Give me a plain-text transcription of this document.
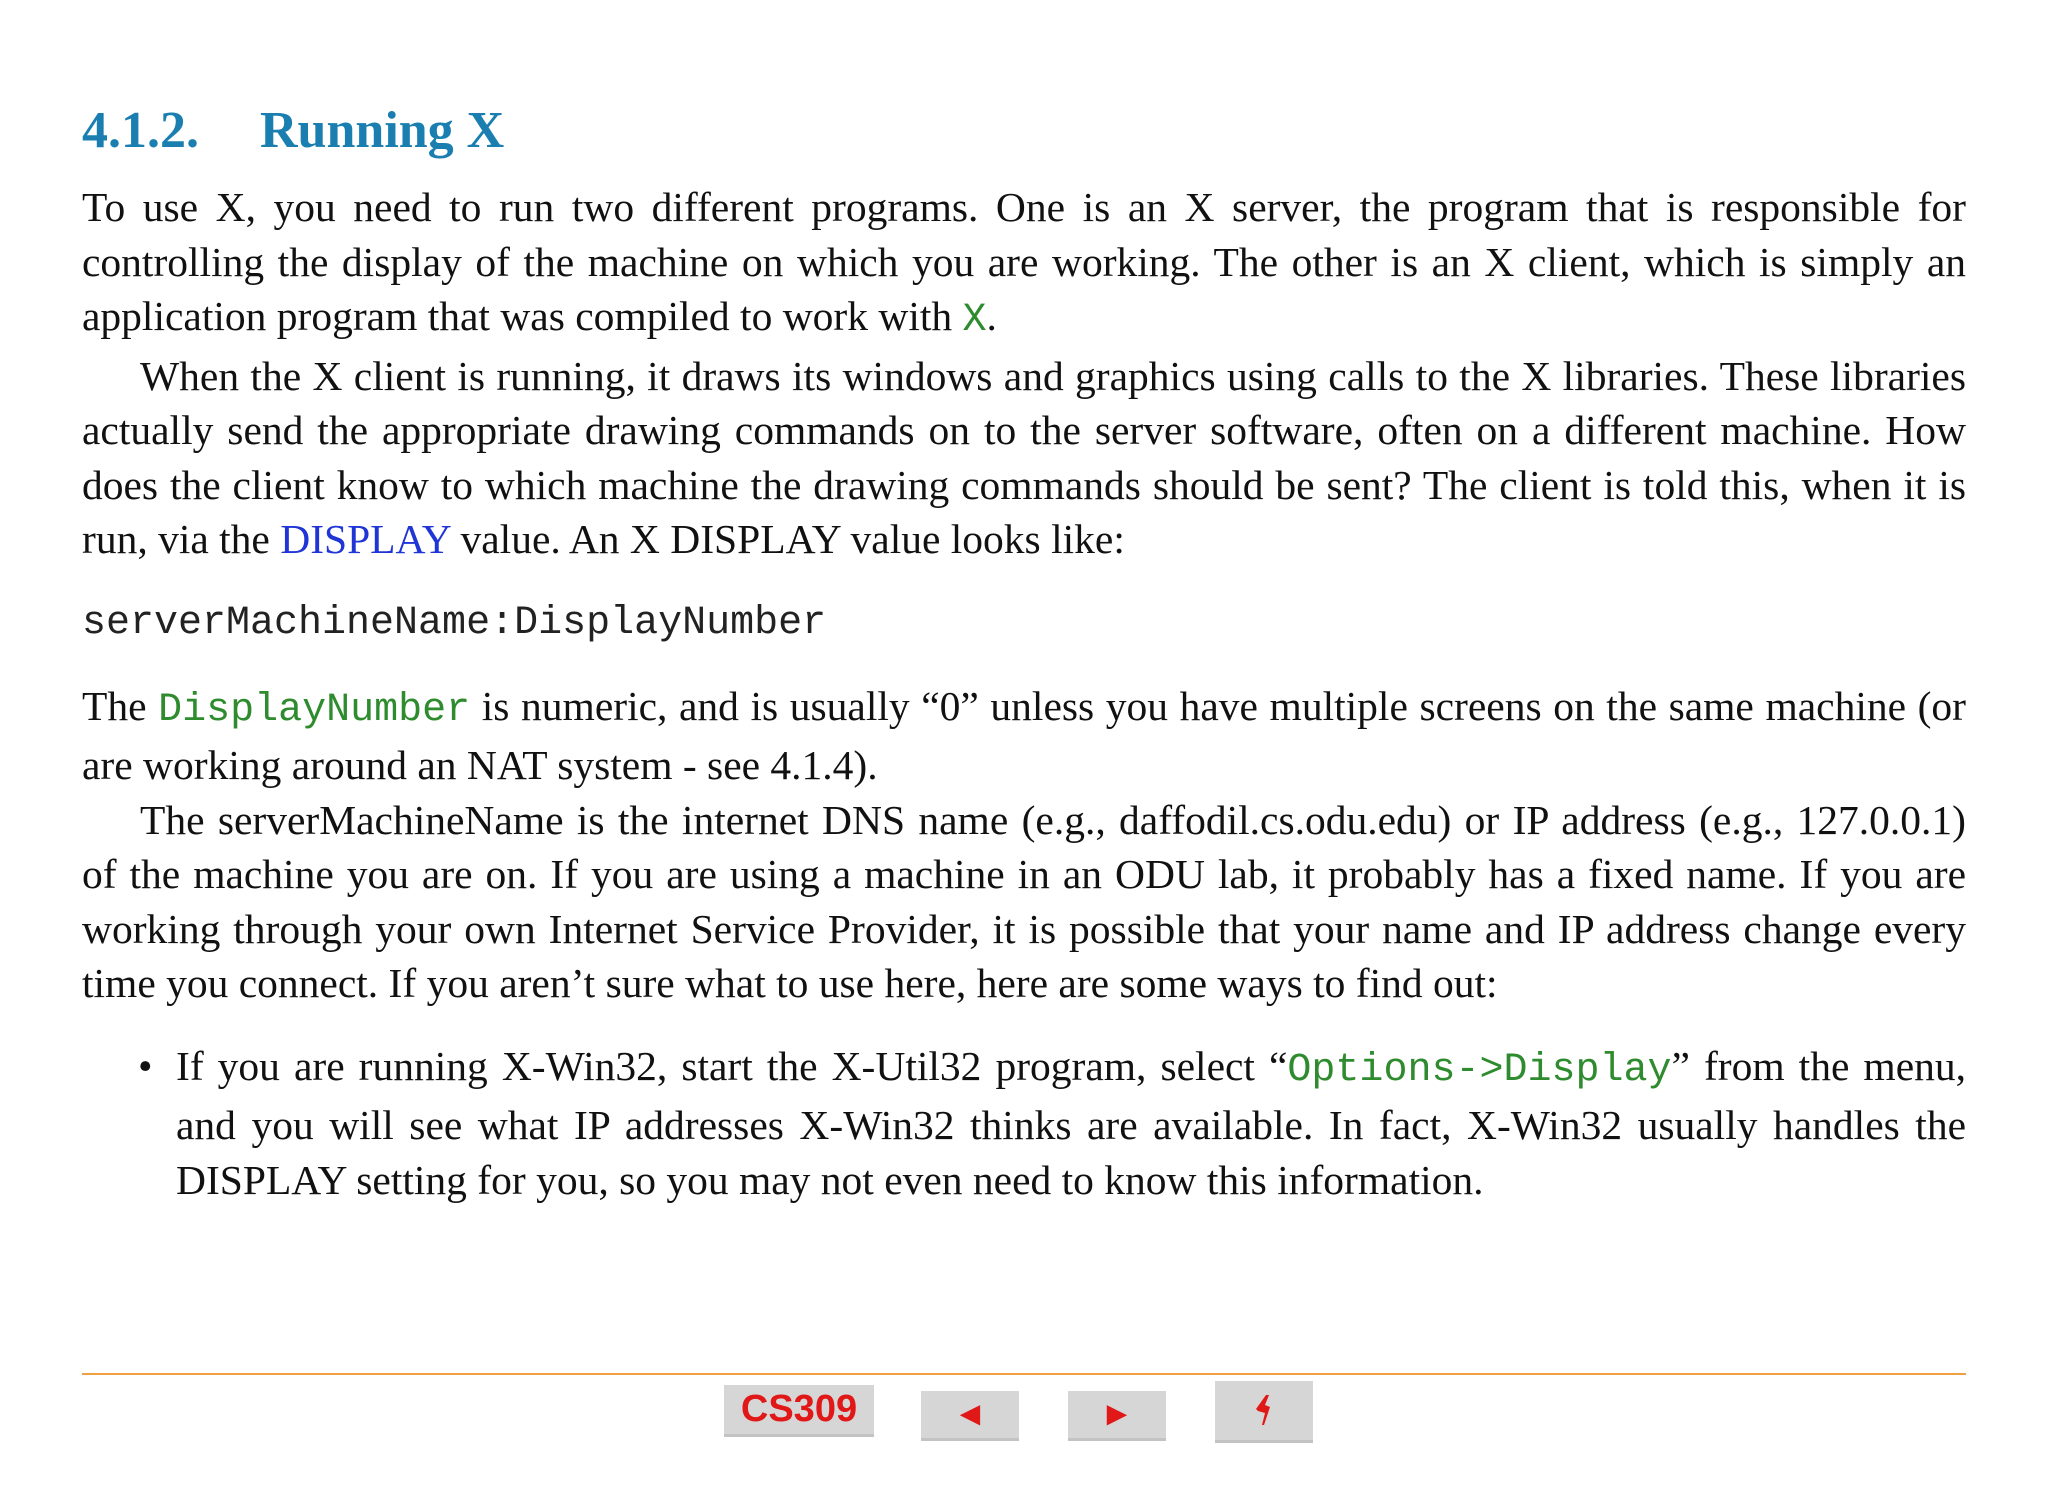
4.1.2. Running X

To use X, you need to run two different programs. One is an X server, the program that is responsible for controlling the display of the machine on which you are working. The other is an X client, which is simply an application program that was compiled to work with X.

When the X client is running, it draws its windows and graphics using calls to the X libraries. These libraries actually send the appropriate drawing commands on to the server software, often on a different machine. How does the client know to which machine the drawing commands should be sent? The client is told this, when it is run, via the DISPLAY value. An X DISPLAY value looks like:

serverMachineName:DisplayNumber

The DisplayNumber is numeric, and is usually “0” unless you have multiple screens on the same machine (or are working around an NAT system - see 4.1.4).

The serverMachineName is the internet DNS name (e.g., daffodil.cs.odu.edu) or IP address (e.g., 127.0.0.1) of the machine you are on. If you are using a machine in an ODU lab, it probably has a fixed name. If you are working through your own Internet Service Provider, it is possible that your name and IP address change every time you connect. If you aren’t sure what to use here, here are some ways to find out:

• If you are running X-Win32, start the X-Util32 program, select “Options->Display” from the menu, and you will see what IP addresses X-Win32 thinks are available. In fact, X-Win32 usually handles the DISPLAY setting for you, so you may not even need to know this information.
CS309	◄	►
